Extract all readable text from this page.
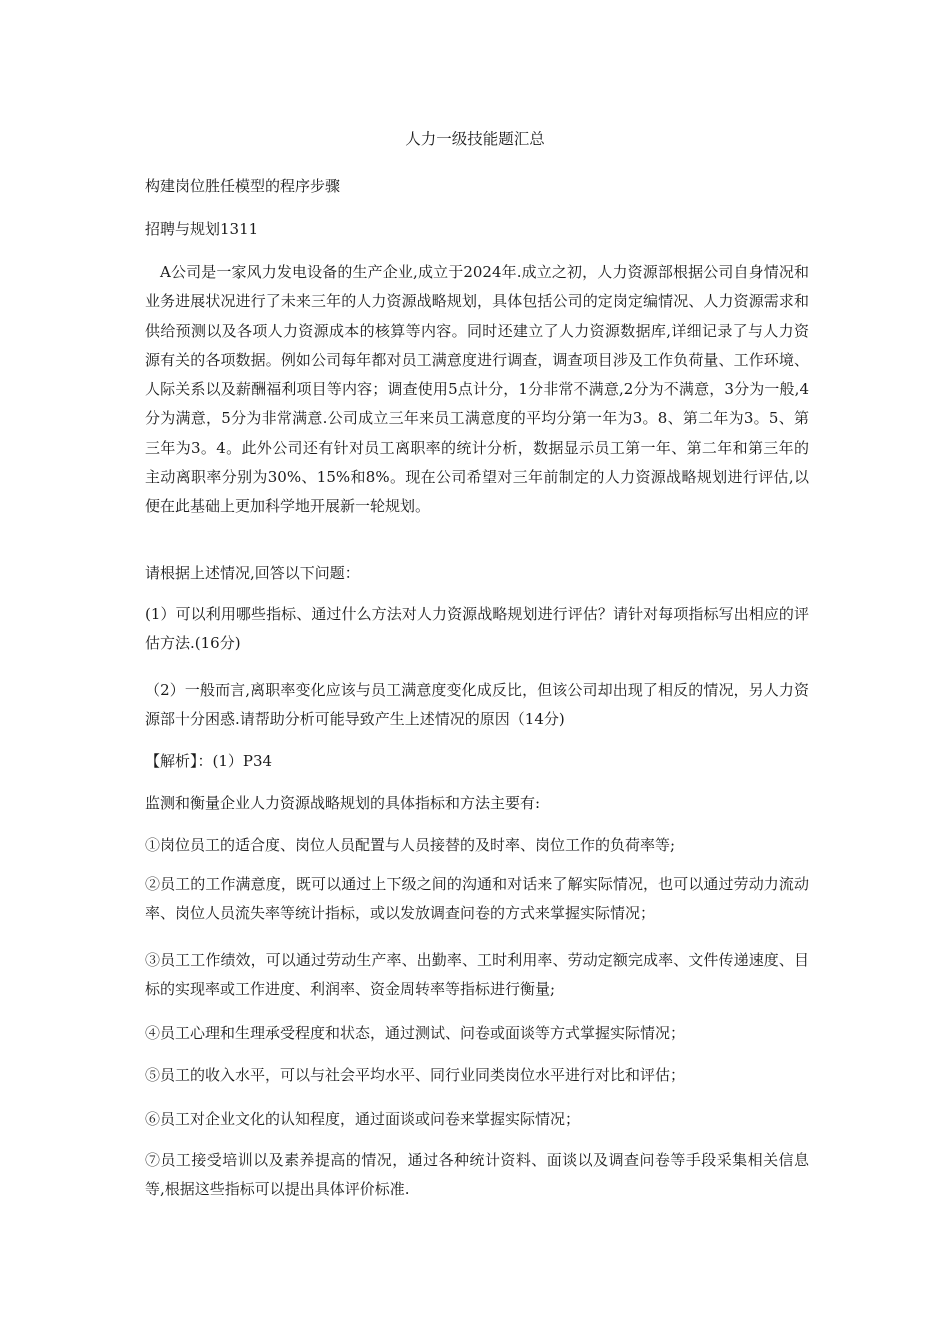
人力一级技能题汇总

构建岗位胜任模型的程序步骤

招聘与规划1311

A公司是一家风力发电设备的生产企业,成立于2024年.成立之初，人力资源部根据公司自身情况和业务进展状况进行了未来三年的人力资源战略规划，具体包括公司的定岗定编情况、人力资源需求和供给预测以及各项人力资源成本的核算等内容。同时还建立了人力资源数据库,详细记录了与人力资源有关的各项数据。例如公司每年都对员工满意度进行调查，调查项目涉及工作负荷量、工作环境、人际关系以及薪酬福利项目等内容；调查使用5点计分，1分非常不满意,2分为不满意，3分为一般,4分为满意，5分为非常满意.公司成立三年来员工满意度的平均分第一年为3。8、第二年为3。5、第三年为3。4。此外公司还有针对员工离职率的统计分析，数据显示员工第一年、第二年和第三年的主动离职率分别为30%、15%和8%。现在公司希望对三年前制定的人力资源战略规划进行评估,以便在此基础上更加科学地开展新一轮规划。

请根据上述情况,回答以下问题：

(1）可以利用哪些指标、通过什么方法对人力资源战略规划进行评估？请针对每项指标写出相应的评估方法.(16分)

（2）一般而言,离职率变化应该与员工满意度变化成反比，但该公司却出现了相反的情况，另人力资源部十分困惑.请帮助分析可能导致产生上述情况的原因（14分)

【解析】：(1）P34

监测和衡量企业人力资源战略规划的具体指标和方法主要有:

①岗位员工的适合度、岗位人员配置与人员接替的及时率、岗位工作的负荷率等;

②员工的工作满意度，既可以通过上下级之间的沟通和对话来了解实际情况，也可以通过劳动力流动率、岗位人员流失率等统计指标，或以发放调查问卷的方式来掌握实际情况；

③员工工作绩效，可以通过劳动生产率、出勤率、工时利用率、劳动定额完成率、文件传递速度、目标的实现率或工作进度、利润率、资金周转率等指标进行衡量;

④员工心理和生理承受程度和状态，通过测试、问卷或面谈等方式掌握实际情况；

⑤员工的收入水平，可以与社会平均水平、同行业同类岗位水平进行对比和评估；

⑥员工对企业文化的认知程度，通过面谈或问卷来掌握实际情况；

⑦员工接受培训以及素养提高的情况，通过各种统计资料、面谈以及调查问卷等手段采集相关信息等,根据这些指标可以提出具体评价标准.
